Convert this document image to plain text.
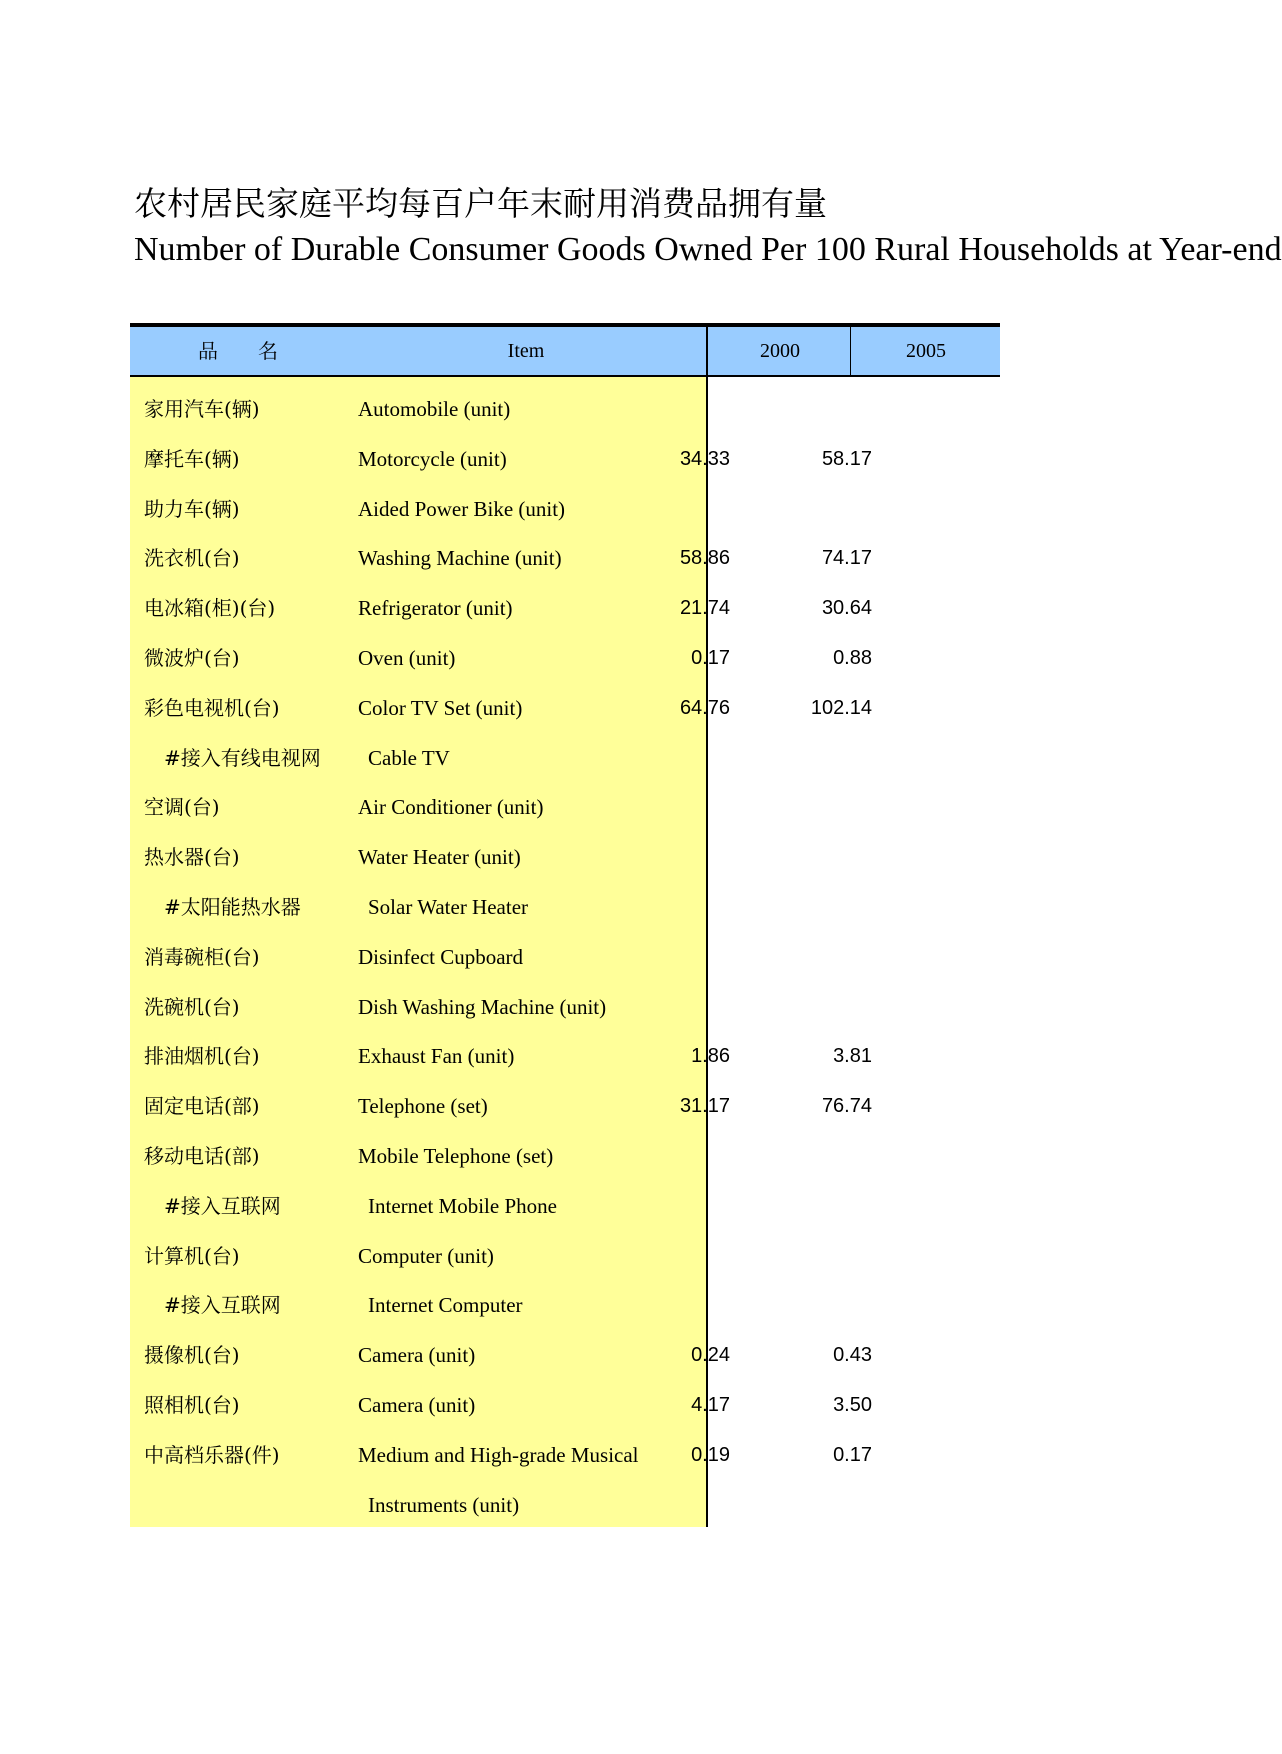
农村居民家庭平均每百户年末耐用消费品拥有量
Number of Durable Consumer Goods Owned Per 100 Rural Households at Year-end
品　　名	Item	2000	2005
家用汽车(辆)	Automobile (unit)
摩托车(辆)	Motorcycle (unit)	34.33	58.17
助力车(辆)	Aided Power Bike (unit)
洗衣机(台)	Washing Machine (unit)	58.86	74.17
电冰箱(柜)(台)	Refrigerator (unit)	21.74	30.64
微波炉(台)	Oven (unit)	0.17	0.88
彩色电视机(台)	Color TV Set (unit)	64.76	102.14
#接入有线电视网 Cable TV
空调(台)	Air Conditioner (unit)
热水器(台)	Water Heater (unit)
#太阳能热水器	Solar Water Heater
消毒碗柜(台)	Disinfect Cupboard
洗碗机(台)	Dish Washing Machine (unit)
排油烟机(台)	Exhaust Fan (unit)	1.86	3.81
固定电话(部)	Telephone (set)	31.17	76.74
移动电话(部)	Mobile Telephone (set)
#接入互联网	Internet Mobile Phone
计算机(台)	Computer (unit)
#接入互联网	Internet Computer
摄像机(台)	Camera (unit)	0.24	0.43
照相机(台)	Camera (unit)	4.17	3.50
中高档乐器(件)	Medium and High-grade Musical	0.19	0.17
Instruments (unit)
